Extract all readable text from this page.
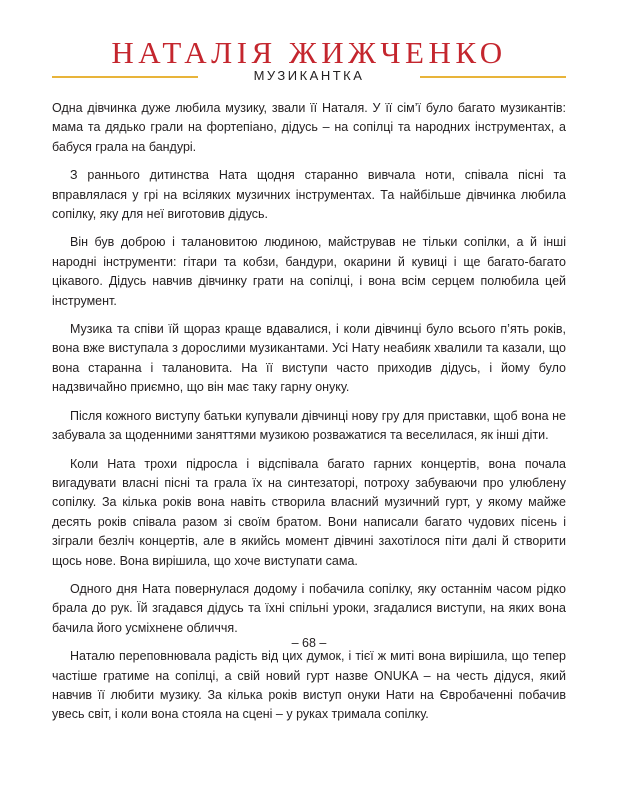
НАТАЛІЯ ЖИЖЧЕНКО
МУЗИКАНТКА

Одна дівчинка дуже любила музику, звали її Наталя. У її сім’ї було багато музикантів: мама та дядько грали на фортепіано, дідусь – на сопілці та народних інструментах, а бабуся грала на бандурі.

З раннього дитинства Ната щодня старанно вивчала ноти, співала пісні та вправлялася у грі на всіляких музичних інструментах. Та найбільше дівчинка любила сопілку, яку для неї виготовив дідусь.

Він був доброю і талановитою людиною, майстрував не тільки сопілки, а й інші народні інструменти: гітари та кобзи, бандури, окарини й кувиці і ще багато-багато цікавого. Дідусь навчив дівчинку грати на сопілці, і вона всім серцем полюбила цей інструмент.

Музика та співи їй щораз краще вдавалися, і коли дівчинці було всього п’ять років, вона вже виступала з дорослими музикантами. Усі Нату неабияк хвалили та казали, що вона старанна і талановита. На її виступи часто приходив дідусь, і йому було надзвичайно приємно, що він має таку гарну онуку.

Після кожного виступу батьки купували дівчинці нову гру для приставки, щоб вона не забувала за щоденними заняттями музикою розважатися та веселилася, як інші діти.

Коли Ната трохи підросла і відспівала багато гарних концертів, вона почала вигадувати власні пісні та грала їх на синтезаторі, потроху забуваючи про улюблену сопілку. За кілька років вона навіть створила власний музичний гурт, у якому майже десять років співала разом зі своїм братом. Вони написали багато чудових пісень і зіграли безліч концертів, але в якийсь момент дівчині захотілося піти далі й створити щось нове. Вона вирішила, що хоче виступати сама.

Одного дня Ната повернулася додому і побачила сопілку, яку останнім часом рідко брала до рук. Їй згадався дідусь та їхні спільні уроки, згадалися виступи, на яких вона бачила його усміхнене обличчя.

Наталю переповнювала радість від цих думок, і тієї ж миті вона вирішила, що тепер частіше гратиме на сопілці, а свій новий гурт назве ONUKA – на честь дідуся, який навчив її любити музику. За кілька років виступ онуки Нати на Євробаченні побачив увесь світ, і коли вона стояла на сцені – у руках тримала сопілку.

– 68 –
